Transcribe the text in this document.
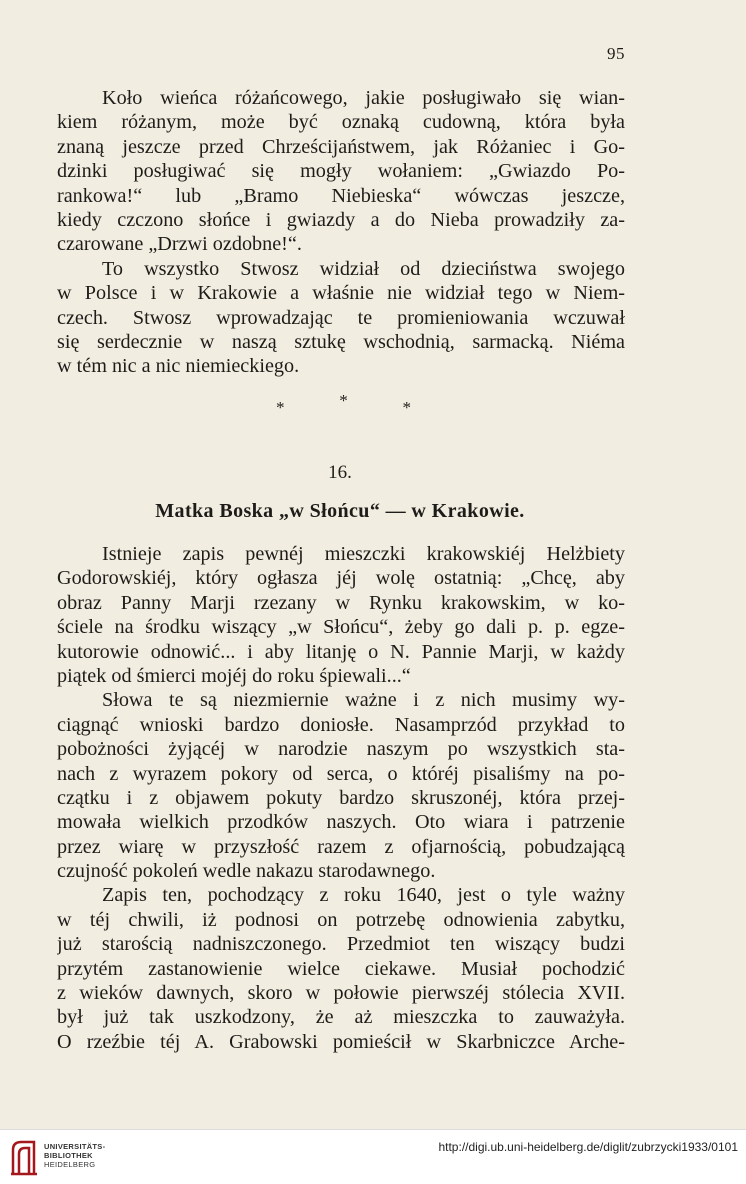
95
Koło wieńca różańcowego, jakie posługiwało się wian-
kiem różanym, może być oznaką cudowną, która była
znaną jeszcze przed Chrześcijaństwem, jak Różaniec i Go-
dzinki posługiwać się mogły wołaniem: „Gwiazdo Po-
rankowa!“ lub „Bramo Niebieska“ wówczas jeszcze,
kiedy czczono słońce i gwiazdy a do Nieba prowadziły za-
czarowane „Drzwi ozdobne!“.
To wszystko Stwosz widział od dzieciństwa swojego
w Polsce i w Krakowie a właśnie nie widział tego w Niem-
czech. Stwosz wprowadzając te promieniowania wczuwał
się serdecznie w naszą sztukę wschodnią, sarmacką. Niéma
w tém nic a nic niemieckiego.
*	*	*
16.
Matka Boska „w Słońcu“ — w Krakowie.
Istnieje zapis pewnéj mieszczki krakowskiéj Helżbiety
Godorowskiéj, który ogłasza jéj wolę ostatnią: „Chcę, aby
obraz Panny Marji rzezany w Rynku krakowskim, w ko-
ściele na środku wiszący „w Słońcu“, żeby go dali p. p. egze-
kutorowie odnowić... i aby litanję o N. Pannie Marji, w każdy
piątek od śmierci mojéj do roku śpiewali...“
Słowa te są niezmiernie ważne i z nich musimy wy-
ciągnąć wnioski bardzo doniosłe. Nasamprzód przykład to
pobożności żyjącéj w narodzie naszym po wszystkich sta-
nach z wyrazem pokory od serca, o któréj pisaliśmy na po-
czątku i z objawem pokuty bardzo skruszonéj, która przej-
mowała wielkich przodków naszych. Oto wiara i patrzenie
przez wiarę w przyszłość razem z ofjarnością, pobudzającą
czujność pokoleń wedle nakazu starodawnego.
Zapis ten, pochodzący z roku 1640, jest o tyle ważny
w téj chwili, iż podnosi on potrzebę odnowienia zabytku,
już starością nadniszczonego. Przedmiot ten wiszący budzi
przytém zastanowienie wielce ciekawe. Musiał pochodzić
z wieków dawnych, skoro w połowie pierwszéj stólecia XVII.
był już tak uszkodzony, że aż mieszczka to zauważyła.
O rzeźbie téj A. Grabowski pomieścił w Skarbniczce Arche-
UNIVERSITÄTS-
BIBLIOTHEK
HEIDELBERG
http://digi.ub.uni-heidelberg.de/diglit/zubrzycki1933/0101
